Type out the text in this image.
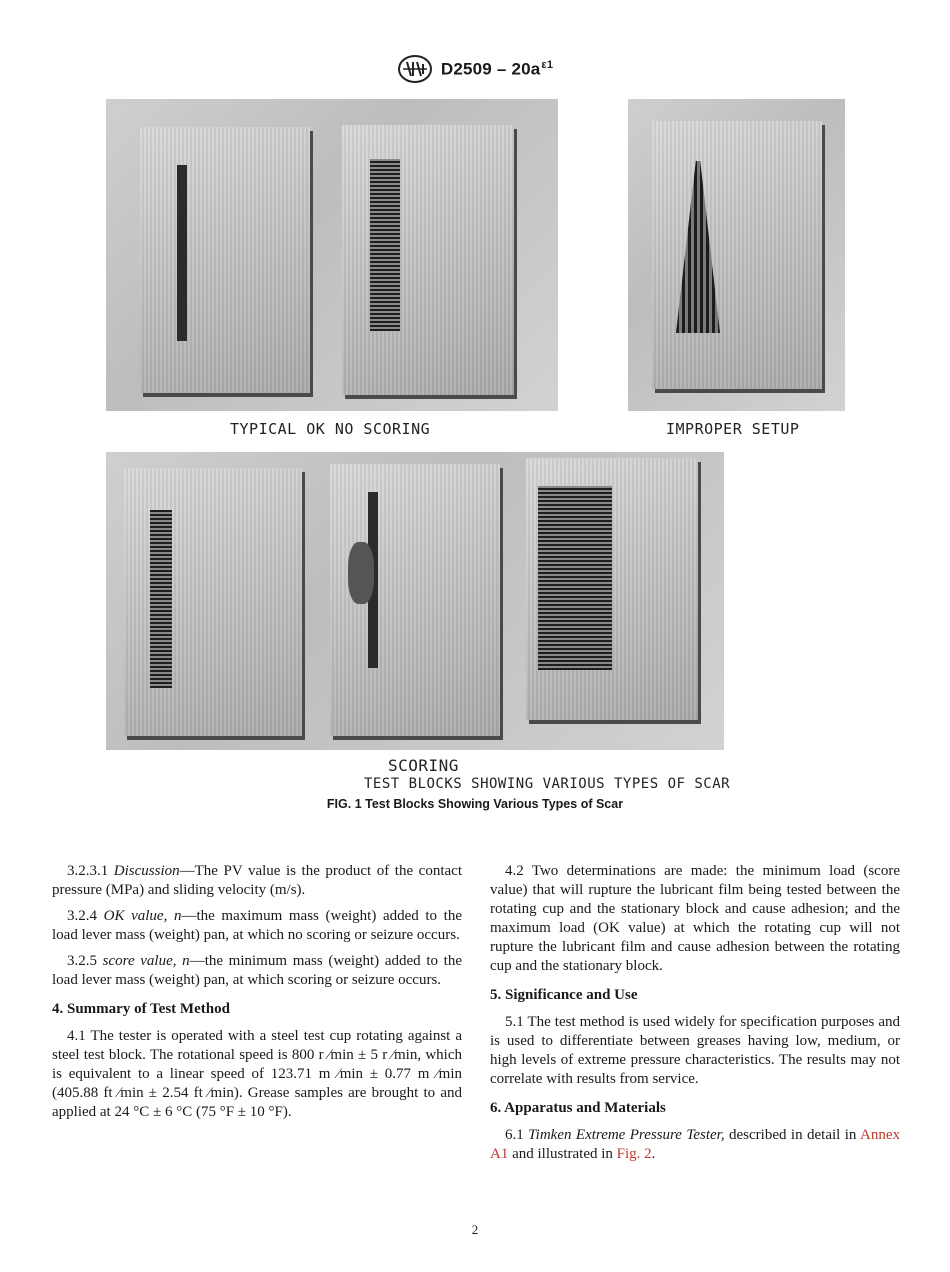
$D2509 - 20a^{\varepsilon 1}$
TYPICAL OK NO SCORING	IMPROPER SETUP
SCORING
TEST BLOCKS SHOWING VARIOUS TYPES OF SCAR
FIG. 1 Test Blocks Showing Various Types of Scar

3.2.3.1 Discussion—The PV value is the product of the contact pressure (MPa) and sliding velocity (m/s).

3.2.4 OK value, n—the maximum mass (weight) added to the load lever mass (weight) pan, at which no scoring or seizure occurs.

3.2.5 score value, n—the minimum mass (weight) added to the load lever mass (weight) pan, at which scoring or seizure occurs.

4. Summary of Test Method

4.1 The tester is operated with a steel test cup rotating against a steel test block. The rotational speed is 800 r ⁄min ± 5 r ⁄min, which is equivalent to a linear speed of 123.71 m ⁄min ± 0.77 m ⁄min (405.88 ft ⁄min ± 2.54 ft ⁄min). Grease samples are brought to and applied at 24 °C ± 6 °C (75 °F ± 10 °F).

4.2 Two determinations are made: the minimum load (score value) that will rupture the lubricant film being tested between the rotating cup and the stationary block and cause adhesion; and the maximum load (OK value) at which the rotating cup will not rupture the lubricant film and cause adhesion between the rotating cup and the stationary block.

5. Significance and Use

5.1 The test method is used widely for specification purposes and is used to differentiate between greases having low, medium, or high levels of extreme pressure characteristics. The results may not correlate with results from service.

6. Apparatus and Materials

6.1 Timken Extreme Pressure Tester, described in detail in Annex A1 and illustrated in Fig. 2.

2
